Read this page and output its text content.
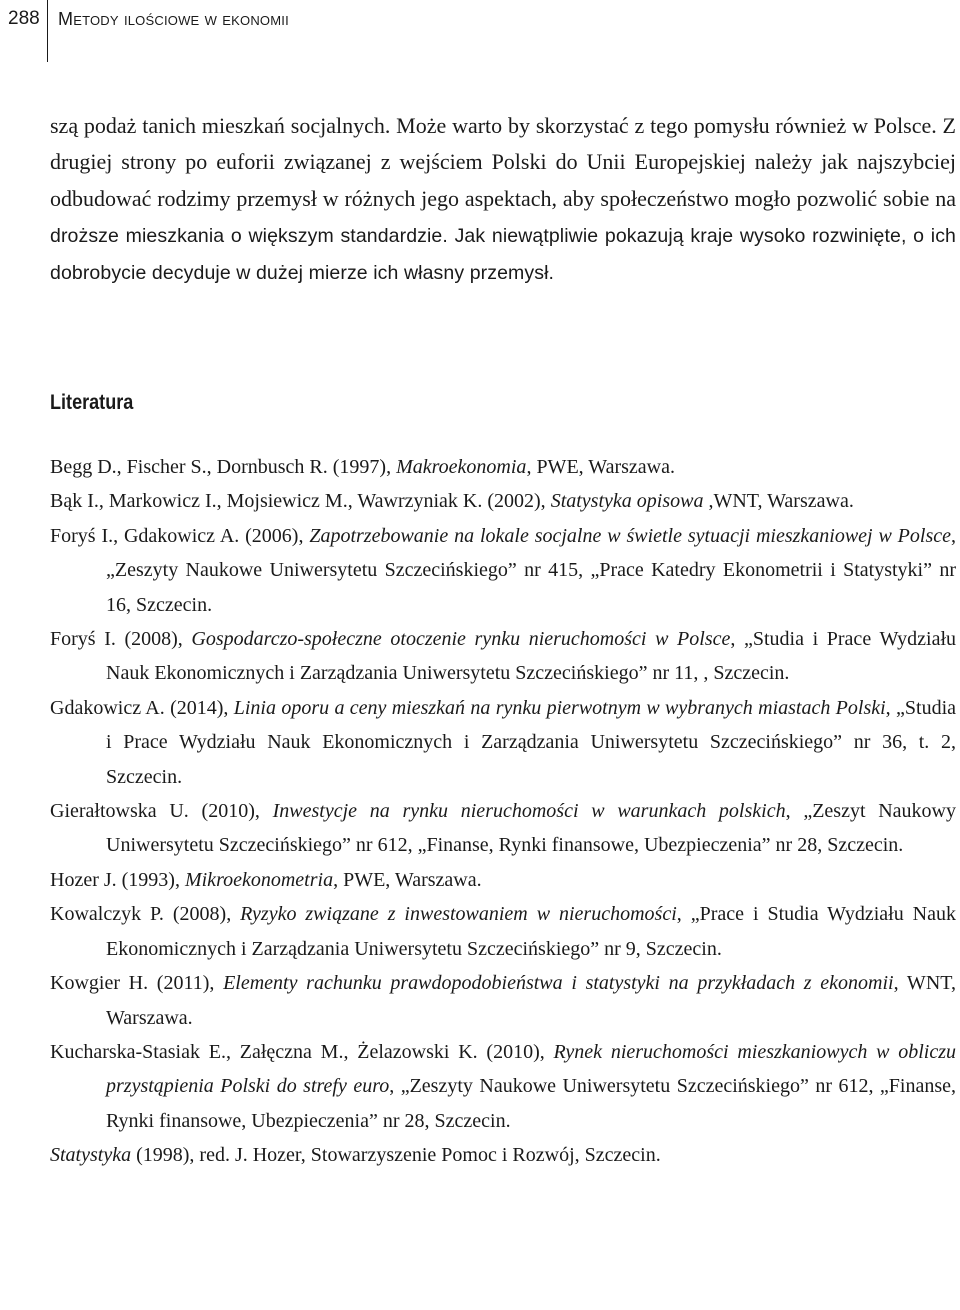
288 Metody ilościowe w ekonomii

szą podaż tanich mieszkań socjalnych. Może warto by skorzystać z tego pomysłu również w Polsce. Z drugiej strony po euforii związanej z wejściem Polski do Unii Europejskiej należy jak najszybciej odbudować rodzimy przemysł w różnych jego aspektach, aby społeczeństwo mogło pozwolić sobie na droższe mieszkania o większym standardzie. Jak niewątpliwie pokazują kraje wysoko rozwinięte, o ich dobrobycie decyduje w dużej mierze ich własny przemysł.

Literatura
Begg D., Fischer S., Dornbusch R. (1997), Makroekonomia, PWE, Warszawa.
Bąk I., Markowicz I., Mojsiewicz M., Wawrzyniak K. (2002), Statystyka opisowa ,WNT, Warszawa.
Foryś I., Gdakowicz A. (2006), Zapotrzebowanie na lokale socjalne w świetle sytuacji mieszkaniowej w Polsce, „Zeszyty Naukowe Uniwersytetu Szczecińskiego” nr 415, „Prace Katedry Ekonometrii i Statystyki” nr 16, Szczecin.
Foryś I. (2008), Gospodarczo-społeczne otoczenie rynku nieruchomości w Polsce, „Studia i Prace Wydziału Nauk Ekonomicznych i Zarządzania Uniwersytetu Szczecińskiego” nr 11, , Szczecin.
Gdakowicz A. (2014), Linia oporu a ceny mieszkań na rynku pierwotnym w wybranych miastach Polski, „Studia i Prace Wydziału Nauk Ekonomicznych i Zarządzania Uniwersytetu Szczecińskiego” nr 36, t. 2, Szczecin.
Gierałtowska U. (2010), Inwestycje na rynku nieruchomości w warunkach polskich, „Zeszyt Naukowy Uniwersytetu Szczecińskiego” nr 612, „Finanse, Rynki finansowe, Ubezpieczenia” nr 28, Szczecin.
Hozer J. (1993), Mikroekonometria, PWE, Warszawa.
Kowalczyk P. (2008), Ryzyko związane z inwestowaniem w nieruchomości, „Prace i Studia Wydziału Nauk Ekonomicznych i Zarządzania Uniwersytetu Szczecińskiego” nr 9, Szczecin.
Kowgier H. (2011), Elementy rachunku prawdopodobieństwa i statystyki na przykładach z ekonomii, WNT, Warszawa.
Kucharska-Stasiak E., Załęczna M., Żelazowski K. (2010), Rynek nieruchomości mieszkaniowych w obliczu przystąpienia Polski do strefy euro, „Zeszyty Naukowe Uniwersytetu Szczecińskiego” nr 612, „Finanse, Rynki finansowe, Ubezpieczenia” nr 28, Szczecin.
Statystyka (1998), red. J. Hozer, Stowarzyszenie Pomoc i Rozwój, Szczecin.
